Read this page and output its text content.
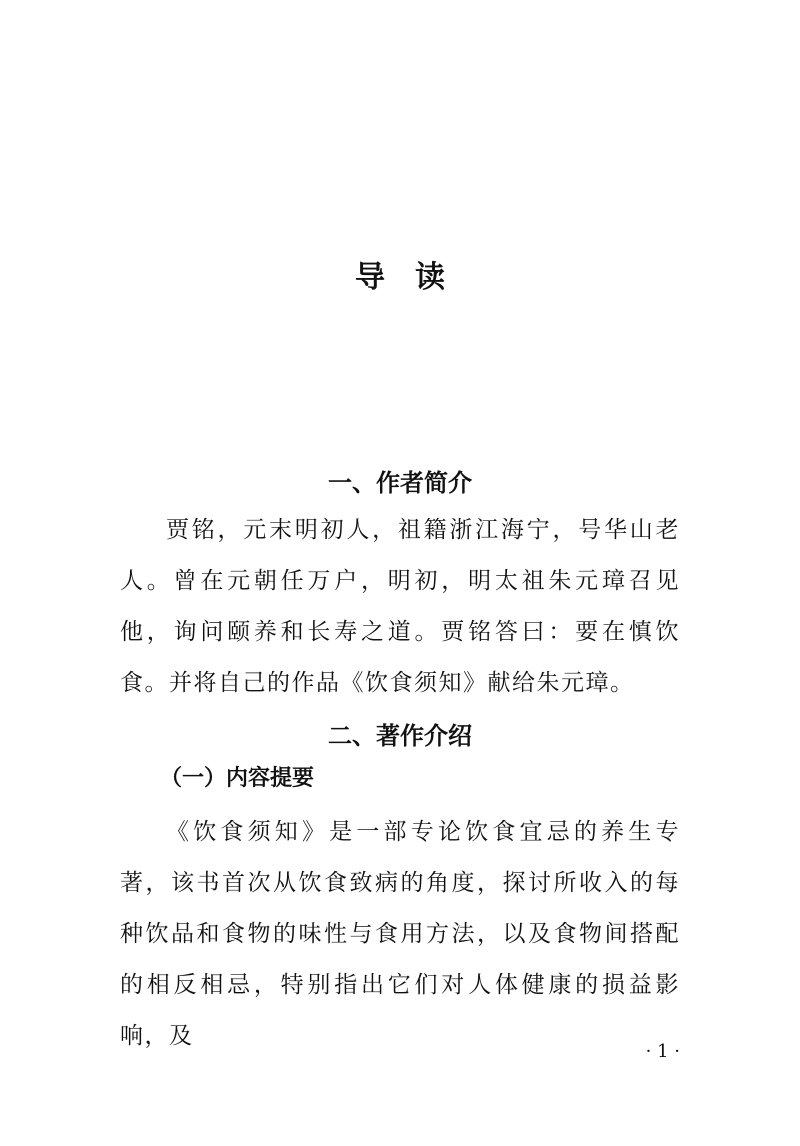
导读
一、作者简介

贾铭，元末明初人，祖籍浙江海宁，号华山老人。曾在元朝任万户，明初，明太祖朱元璋召见他，询问颐养和长寿之道。贾铭答曰：要在慎饮食。并将自己的作品《饮食须知》献给朱元璋。

二、著作介绍
（一）内容提要

《饮食须知》是一部专论饮食宜忌的养生专著，该书首次从饮食致病的角度，探讨所收入的每种饮品和食物的味性与食用方法，以及食物间搭配的相反相忌，特别指出它们对人体健康的损益影响，及

· 1 ·
